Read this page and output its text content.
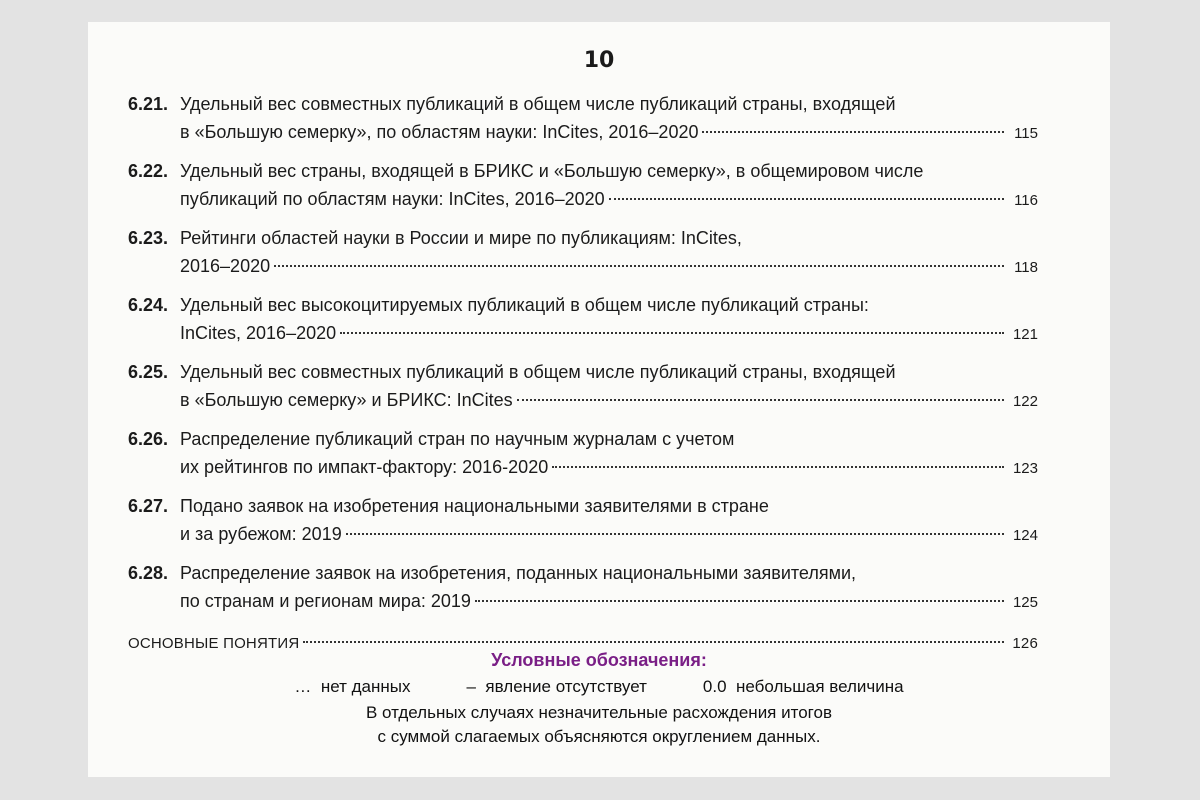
10
6.21. Удельный вес совместных публикаций в общем числе публикаций страны, входящей
в «Большую семерку», по областям науки: InCites, 2016–2020	115
6.22. Удельный вес страны, входящей в БРИКС и «Большую семерку», в общемировом числе
публикаций по областям науки: InCites, 2016–2020	116
6.23. Рейтинги областей науки в России и мире по публикациям: InCites,
2016–2020	118
6.24. Удельный вес высокоцитируемых публикаций в общем числе публикаций страны:
InCites, 2016–2020	121
6.25. Удельный вес совместных публикаций в общем числе публикаций страны, входящей
в «Большую семерку» и БРИКС: InCites	122
6.26. Распределение публикаций стран по научным журналам с учетом
их рейтингов по импакт-фактору: 2016-2020	123
6.27. Подано заявок на изобретения национальными заявителями в стране
и за рубежом: 2019	124
6.28. Распределение заявок на изобретения, поданных национальными заявителями,
по странам и регионам мира: 2019	125
ОСНОВНЫЕ ПОНЯТИЯ	126
Условные обозначения:
… нет данных	– явление отсутствует	0.0 небольшая величина
В отдельных случаях незначительные расхождения итогов
с суммой слагаемых объясняются округлением данных.
